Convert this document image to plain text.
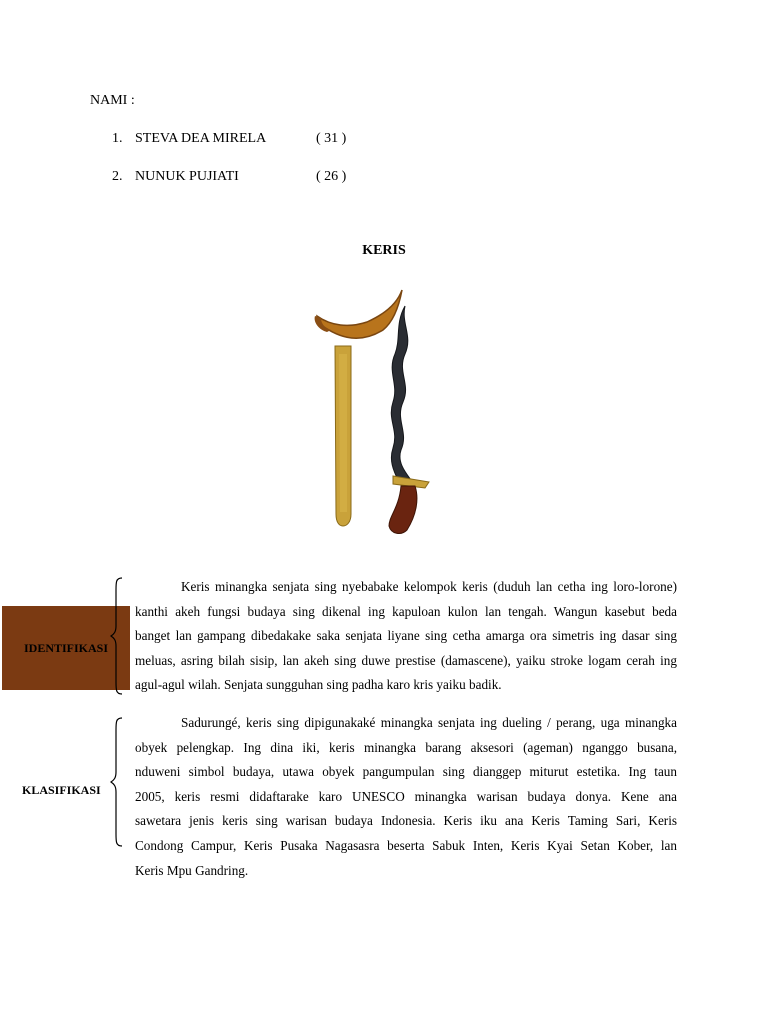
NAMI :
1. STEVA DEA MIRELA	( 31 )
2. NUNUK PUJIATI	( 26 )
KERIS
IDENTIFIKASI
Keris minangka senjata sing nyebabake kelompok keris (duduh lan cetha ing loro-lorone)
kanthi akeh fungsi budaya sing dikenal ing kapuloan kulon lan tengah. Wangun kasebut beda
banget lan gampang dibedakake saka senjata liyane sing cetha amarga ora simetris ing dasar sing
meluas, asring bilah sisip, lan akeh sing duwe prestise (damascene), yaiku stroke logam cerah ing
agul-agul wilah. Senjata sungguhan sing padha karo kris yaiku badik.
KLASIFIKASI
Sadurungé, keris sing dipigunakaké minangka senjata ing dueling / perang, uga minangka
obyek pelengkap. Ing dina iki, keris minangka barang aksesori (ageman) nganggo busana,
nduweni simbol budaya, utawa obyek pangumpulan sing dianggep miturut estetika. Ing taun
2005, keris resmi didaftarake karo UNESCO minangka warisan budaya donya. Kene ana
sawetara jenis keris sing warisan budaya Indonesia. Keris iku ana Keris Taming Sari, Keris
Condong Campur, Keris Pusaka Nagasasra beserta Sabuk Inten, Keris Kyai Setan Kober, lan
Keris Mpu Gandring.
